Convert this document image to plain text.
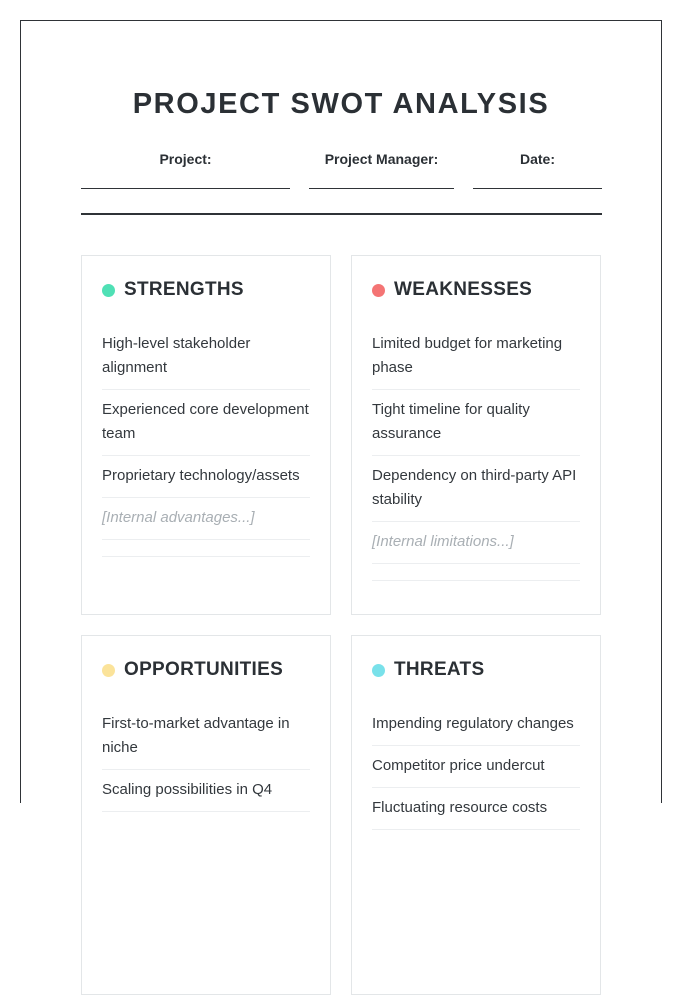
PROJECT SWOT ANALYSIS
Project:	Project Manager:	Date:
STRENGTHS
High-level stakeholder alignment
Experienced core development team
Proprietary technology/assets
[Internal advantages...]
WEAKNESSES
Limited budget for marketing phase
Tight timeline for quality assurance
Dependency on third-party API stability
[Internal limitations...]
OPPORTUNITIES
First-to-market advantage in niche
Scaling possibilities in Q4
THREATS
Impending regulatory changes
Competitor price undercut
Fluctuating resource costs
